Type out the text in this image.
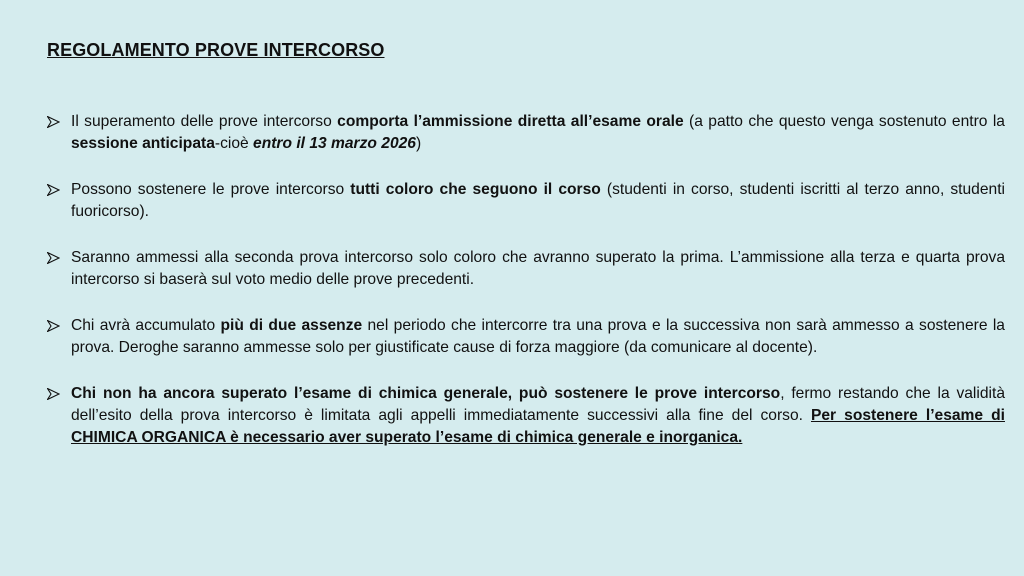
REGOLAMENTO PROVE INTERCORSO
Il superamento delle prove intercorso comporta l’ammissione diretta all’esame orale (a patto che questo venga sostenuto entro la sessione anticipata-cioè entro il 13 marzo 2026)
Possono sostenere le prove intercorso tutti coloro che seguono il corso (studenti in corso, studenti iscritti al terzo anno, studenti fuoricorso).
Saranno ammessi alla seconda prova intercorso solo coloro che avranno superato la prima. L’ammissione alla terza e quarta prova intercorso si baserà sul voto medio delle prove precedenti.
Chi avrà accumulato più di due assenze nel periodo che intercorre tra una prova e la successiva non sarà ammesso a sostenere la prova. Deroghe saranno ammesse solo per giustificate cause di forza maggiore (da comunicare al docente).
Chi non ha ancora superato l’esame di chimica generale, può sostenere le prove intercorso, fermo restando che la validità dell’esito della prova intercorso è limitata agli appelli immediatamente successivi alla fine del corso. Per sostenere l’esame di CHIMICA ORGANICA è necessario aver superato l’esame di chimica generale e inorganica.
